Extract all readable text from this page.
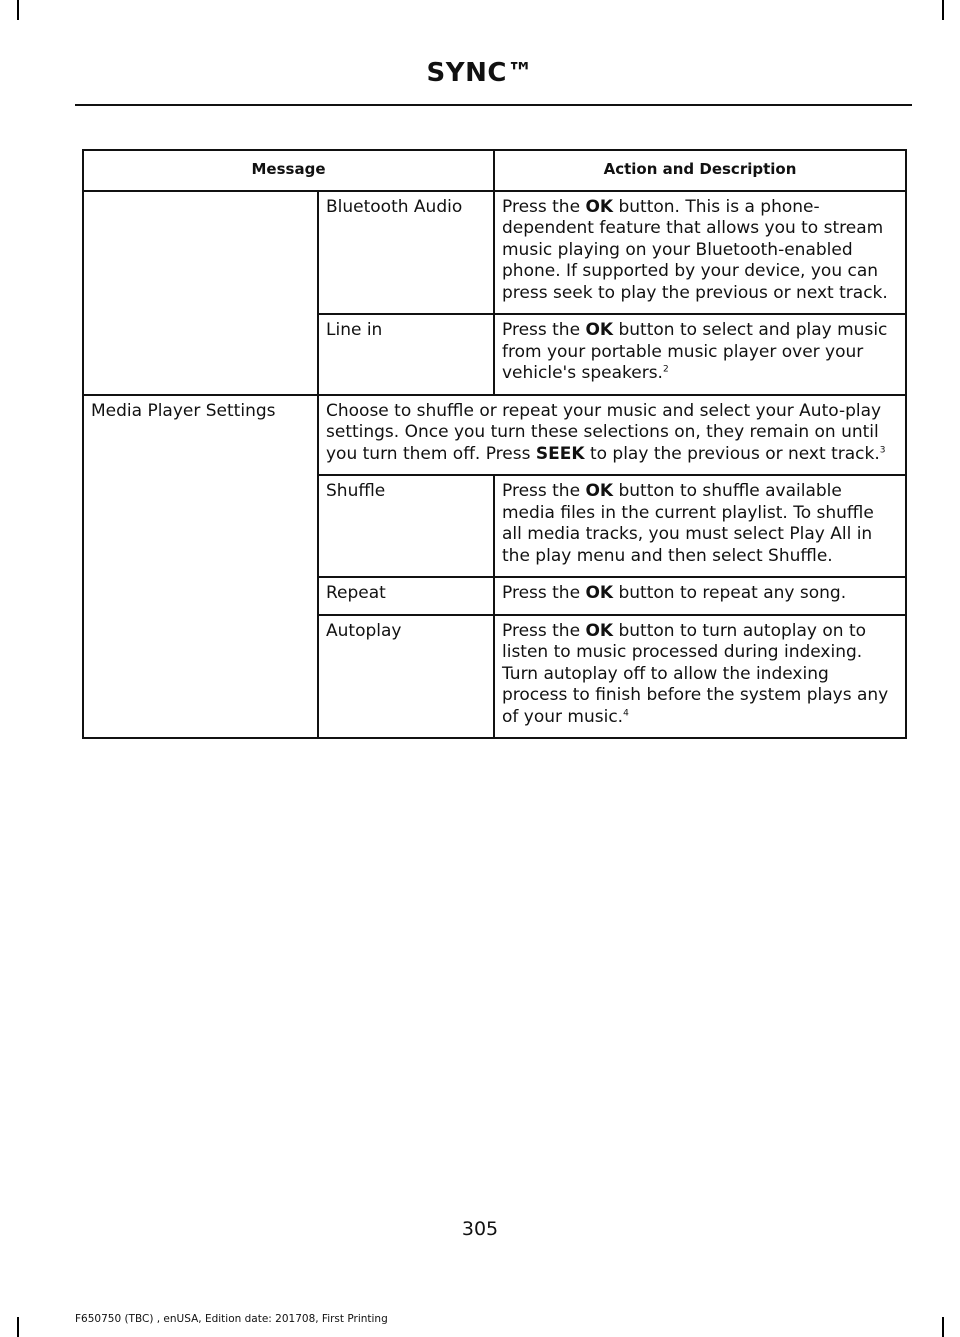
SYNC™
Message		Action and Description
	Bluetooth Audio	Press the OK button. This is a phone-dependent feature that allows you to stream music playing on your Bluetooth-enabled phone. If supported by your device, you can press seek to play the previous or next track.
	Line in	Press the OK button to select and play music from your portable music player over your vehicle's speakers.$^2$
Media Player Settings	Choose to shuffle or repeat your music and select your Auto-play settings. Once you turn these selections on, they remain on until you turn them off. Press SEEK to play the previous or next track.$^3$
	Shuffle	Press the OK button to shuffle available media files in the current playlist. To shuffle all media tracks, you must select Play All in the play menu and then select Shuffle.
	Repeat	Press the OK button to repeat any song.
	Autoplay	Press the OK button to turn autoplay on to listen to music processed during indexing. Turn autoplay off to allow the indexing process to finish before the system plays any of your music.$^4$
305
F650750 (TBC) , enUSA, Edition date: 201708, First Printing
